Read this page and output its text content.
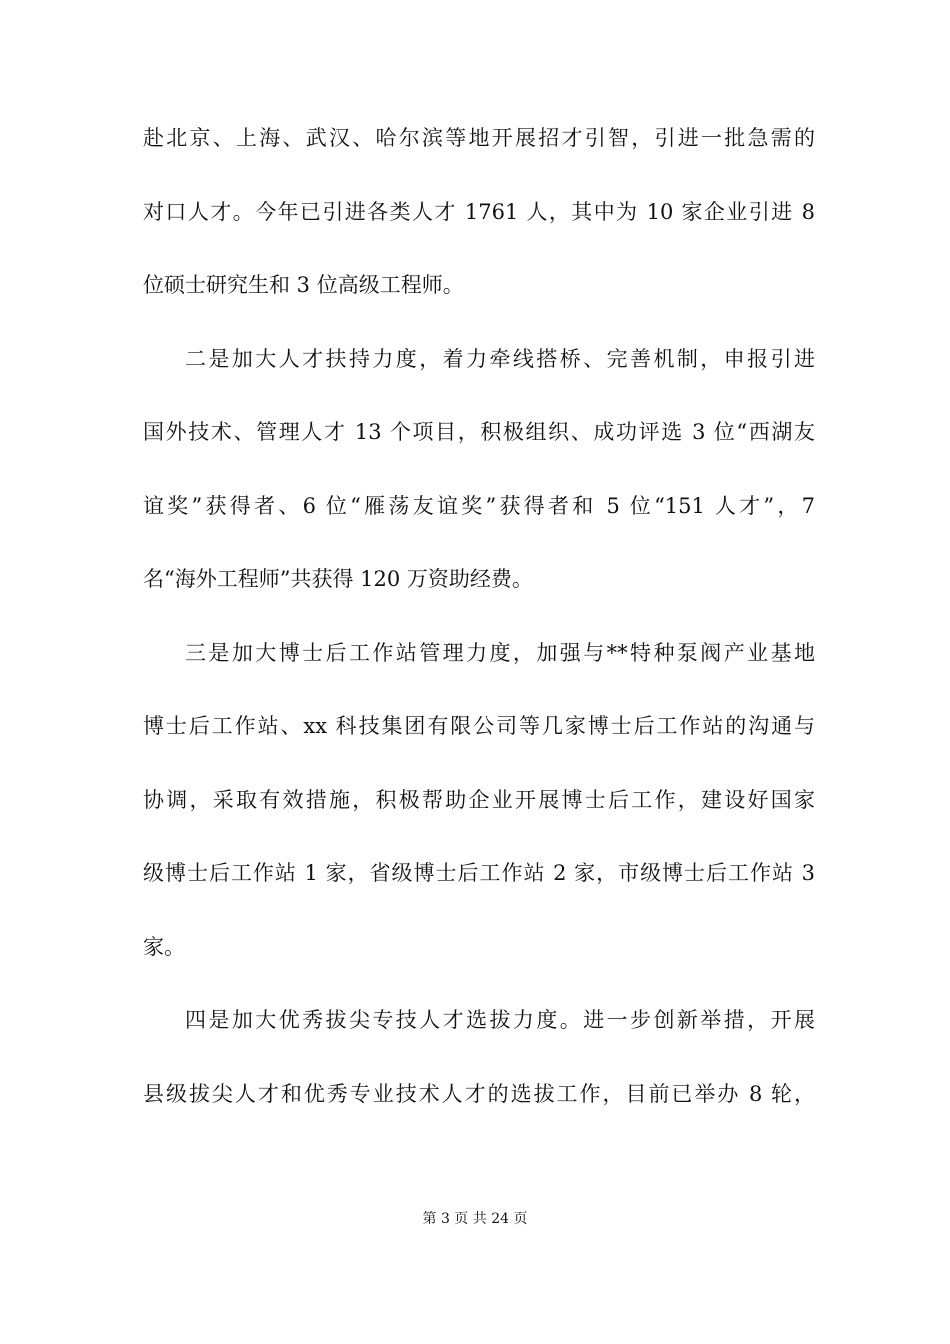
赴北京、上海、武汉、哈尔滨等地开展招才引智，引进一批急需的
对口人才。今年已引进各类人才 1761 人，其中为 10 家企业引进 8
位硕士研究生和 3 位高级工程师。
二是加大人才扶持力度，着力牵线搭桥、完善机制，申报引进
国外技术、管理人才 13 个项目，积极组织、成功评选 3 位“西湖友
谊奖”获得者、6 位“雁荡友谊奖”获得者和 5 位“151 人才”，7
名“海外工程师”共获得 120 万资助经费。
三是加大博士后工作站管理力度，加强与**特种泵阀产业基地
博士后工作站、xx 科技集团有限公司等几家博士后工作站的沟通与
协调，采取有效措施，积极帮助企业开展博士后工作，建设好国家
级博士后工作站 1 家，省级博士后工作站 2 家，市级博士后工作站 3
家。
四是加大优秀拔尖专技人才选拔力度。进一步创新举措，开展
县级拔尖人才和优秀专业技术人才的选拔工作，目前已举办 8 轮，
第 3 页 共 24 页
